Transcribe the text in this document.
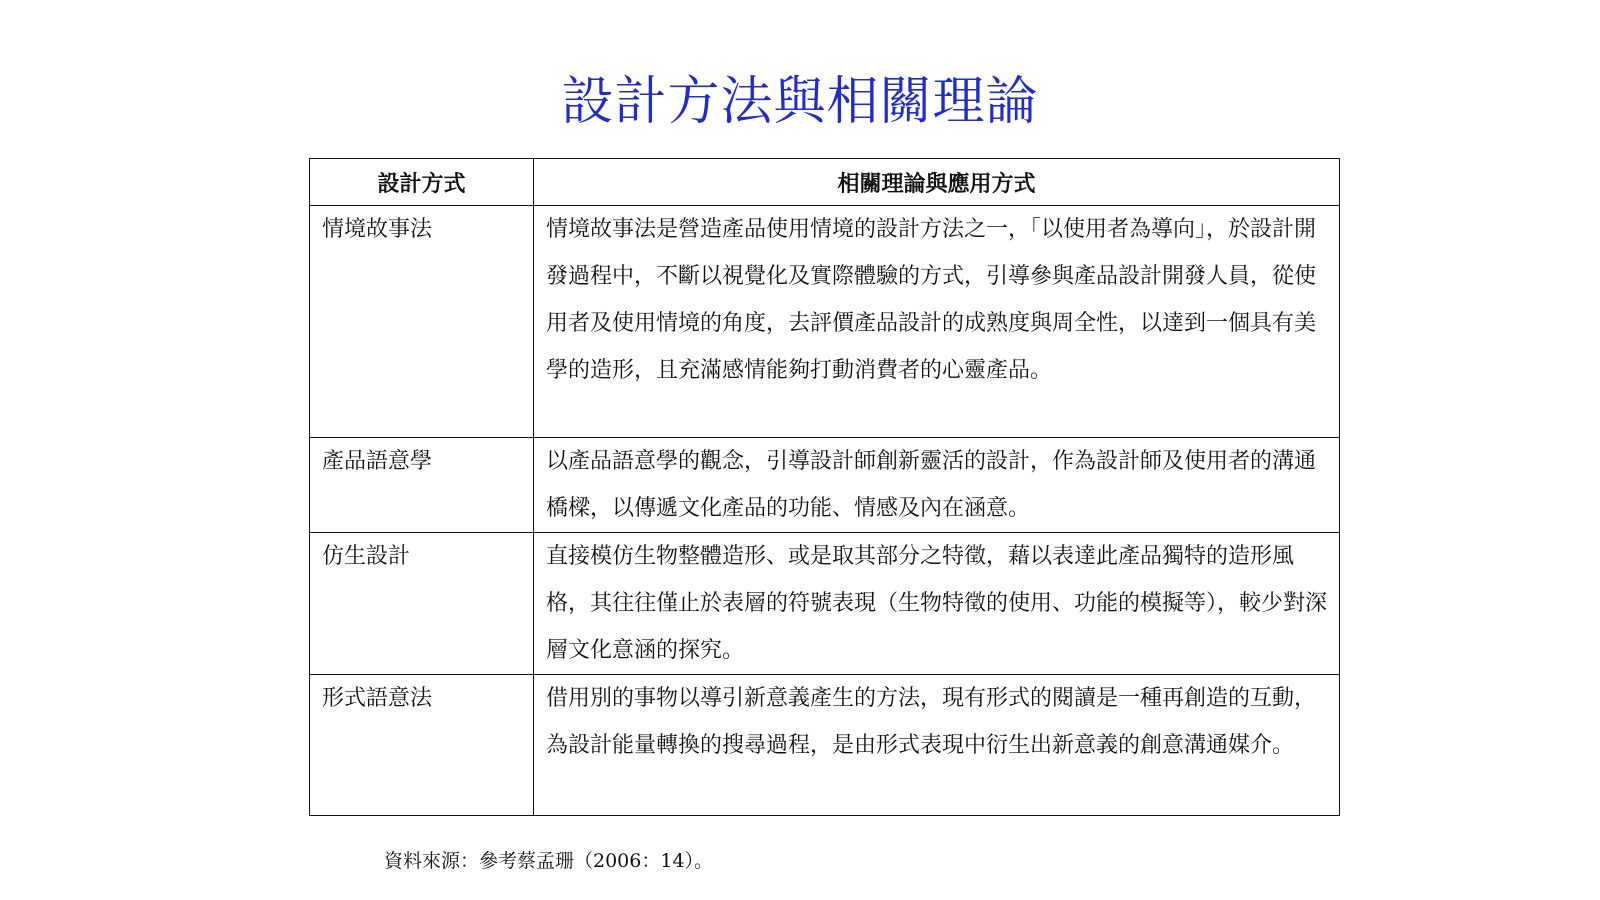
設計方法與相關理論
設計方式	相關理論與應用方式
情境故事法	情境故事法是營造產品使用情境的設計方法之一，「以使用者為導向」，於設計開發過程中，不斷以視覺化及實際體驗的方式，引導參與產品設計開發人員，從使用者及使用情境的角度，去評價產品設計的成熟度與周全性，以達到一個具有美學的造形，且充滿感情能夠打動消費者的心靈產品。
產品語意學	以產品語意學的觀念，引導設計師創新靈活的設計，作為設計師及使用者的溝通橋樑，以傳遞文化產品的功能、情感及內在涵意。
仿生設計	直接模仿生物整體造形、或是取其部分之特徵，藉以表達此產品獨特的造形風格，其往往僅止於表層的符號表現（生物特徵的使用、功能的模擬等），較少對深層文化意涵的探究。
形式語意法	借用別的事物以導引新意義產生的方法，現有形式的閱讀是一種再創造的互動，為設計能量轉換的搜尋過程，是由形式表現中衍生出新意義的創意溝通媒介。
資料來源：參考蔡孟珊（2006：14）。
